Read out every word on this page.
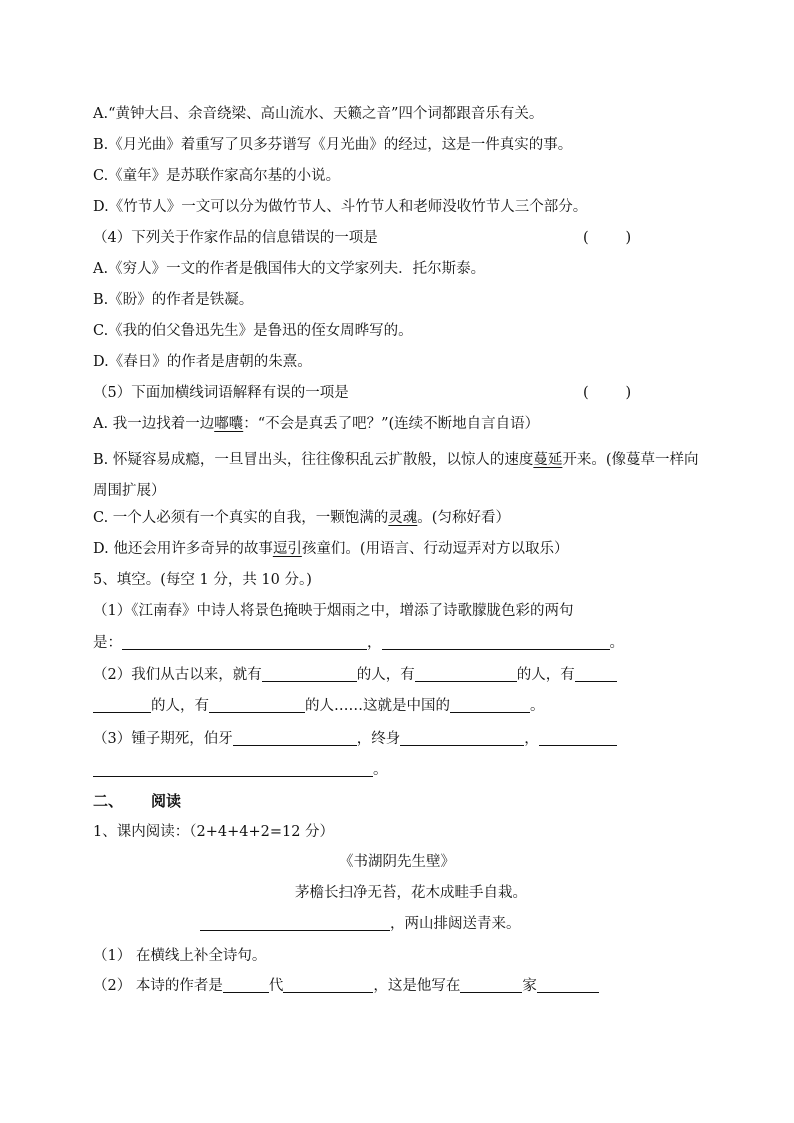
A.“黄钟大吕、余音绕梁、高山流水、天籁之音”四个词都跟音乐有关。
B.《月光曲》着重写了贝多芬谱写《月光曲》的经过，这是一件真实的事。
C.《童年》是苏联作家高尔基的小说。
D.《竹节人》一文可以分为做竹节人、斗竹节人和老师没收竹节人三个部分。
（4）下列关于作家作品的信息错误的一项是	(        )
A.《穷人》一文的作者是俄国伟大的文学家列夫．托尔斯泰。
B.《盼》的作者是铁凝。
C.《我的伯父鲁迅先生》是鲁迅的侄女周晔写的。
D.《春日》的作者是唐朝的朱熹。
（5）下面加横线词语解释有误的一项是	(        )
A. 我一边找着一边嘟囔：“不会是真丢了吧？”(连续不断地自言自语）
B. 怀疑容易成瘾，一旦冒出头，往往像积乱云扩散般，以惊人的速度蔓延开来。(像蔓草一样向周围扩展）
C. 一个人必须有一个真实的自我，一颗饱满的灵魂。(匀称好看）
D. 他还会用许多奇异的故事逗引孩童们。(用语言、行动逗弄对方以取乐）
5、填空。(每空 1 分，共 10 分。)
（1）《江南春》中诗人将景色掩映于烟雨之中，增添了诗歌朦胧色彩的两句
是：	，	。
（2）我们从古以来，就有	的人，有	的人，有
的人，有	的人……这就是中国的	。
（3）锺子期死，伯牙	，终身	，
。
二、 阅读
1、课内阅读：（2+4+4+2=12 分）
《书湖阴先生壁》
茅檐长扫净无苔，花木成畦手自栽。
，两山排闼送青来。
（1） 在横线上补全诗句。
（2） 本诗的作者是	代	，这是他写在	家
